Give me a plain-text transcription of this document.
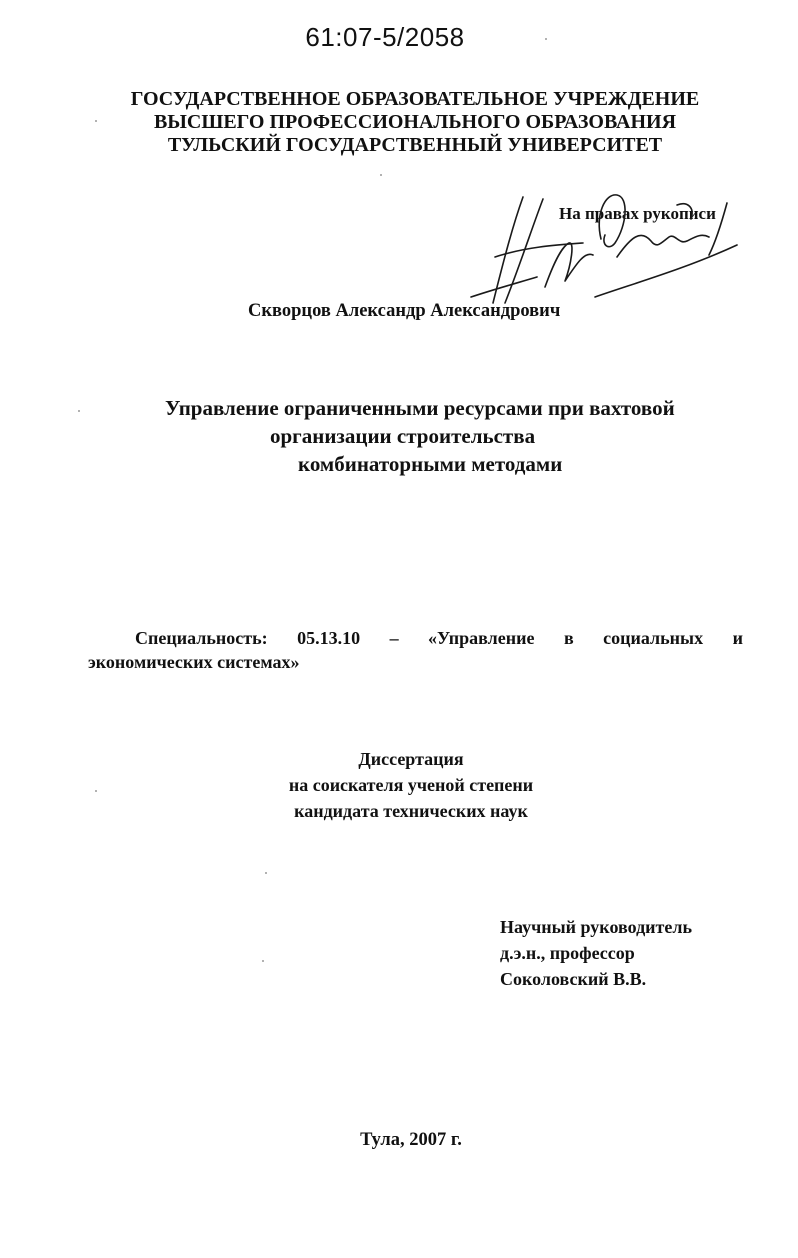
61:07-5/2058
ГОСУДАРСТВЕННОЕ ОБРАЗОВАТЕЛЬНОЕ УЧРЕЖДЕНИЕ
ВЫСШЕГО ПРОФЕССИОНАЛЬНОГО ОБРАЗОВАНИЯ
ТУЛЬСКИЙ ГОСУДАРСТВЕННЫЙ УНИВЕРСИТЕТ
На правах рукописи
Скворцов Александр Александрович
Управление ограниченными ресурсами при вахтовой
организации строительства
комбинаторными методами
Специальность: 05.13.10 – «Управление в социальных и
экономических системах»
Диссертация
на соискателя ученой степени
кандидата технических наук
Научный руководитель
д.э.н., профессор
Соколовский В.В.
Тула, 2007 г.
